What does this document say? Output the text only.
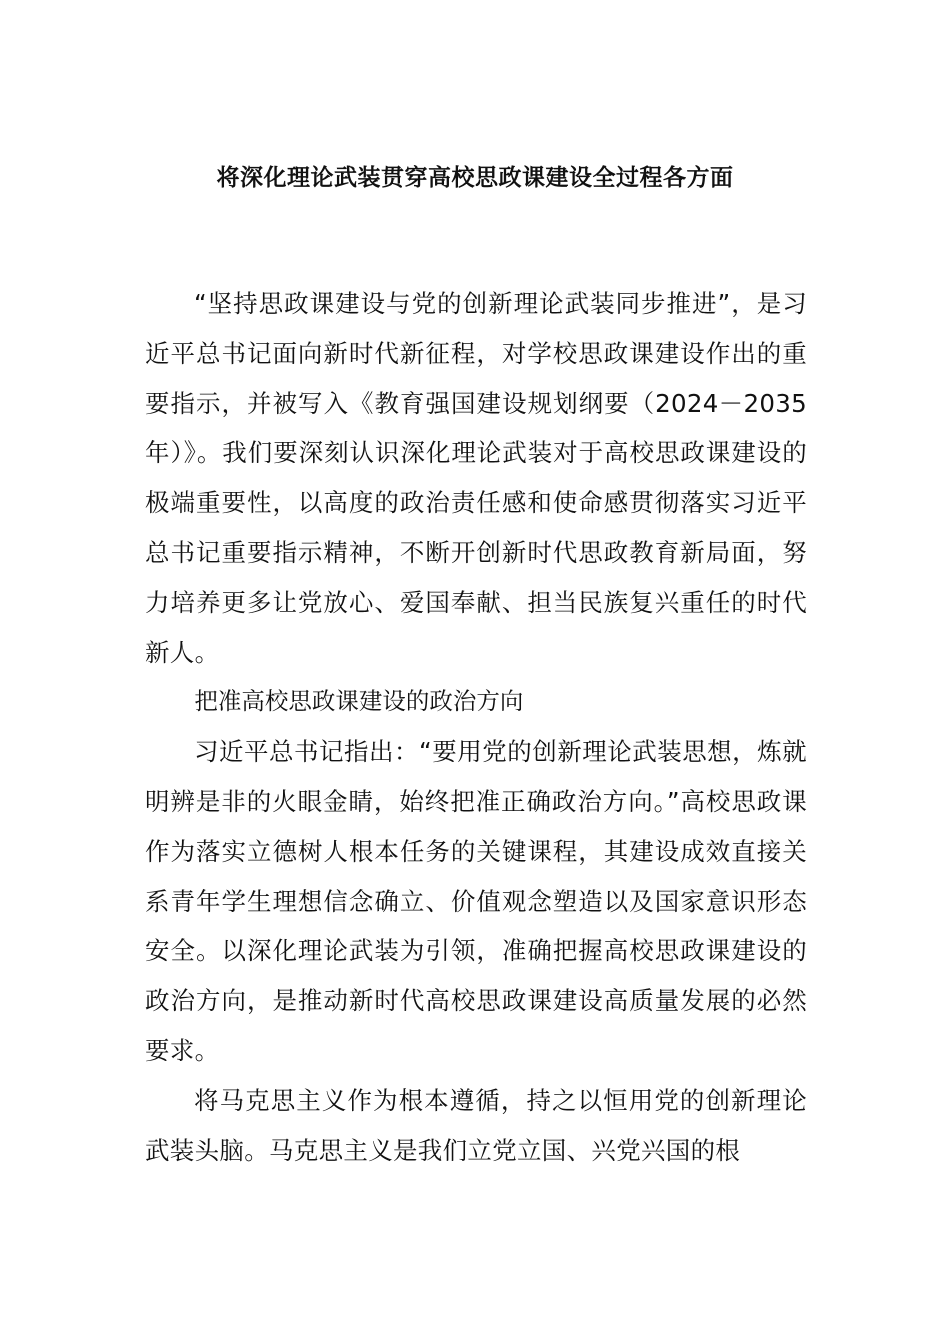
将深化理论武装贯穿高校思政课建设全过程各方面

“坚持思政课建设与党的创新理论武装同步推进”，是习近平总书记面向新时代新征程，对学校思政课建设作出的重要指示，并被写入《教育强国建设规划纲要（2024－2035年）》。我们要深刻认识深化理论武装对于高校思政课建设的极端重要性，以高度的政治责任感和使命感贯彻落实习近平总书记重要指示精神，不断开创新时代思政教育新局面，努力培养更多让党放心、爱国奉献、担当民族复兴重任的时代新人。

把准高校思政课建设的政治方向

习近平总书记指出：“要用党的创新理论武装思想，炼就明辨是非的火眼金睛，始终把准正确政治方向。”高校思政课作为落实立德树人根本任务的关键课程，其建设成效直接关系青年学生理想信念确立、价值观念塑造以及国家意识形态安全。以深化理论武装为引领，准确把握高校思政课建设的政治方向，是推动新时代高校思政课建设高质量发展的必然要求。

将马克思主义作为根本遵循，持之以恒用党的创新理论武装头脑。马克思主义是我们立党立国、兴党兴国的根
